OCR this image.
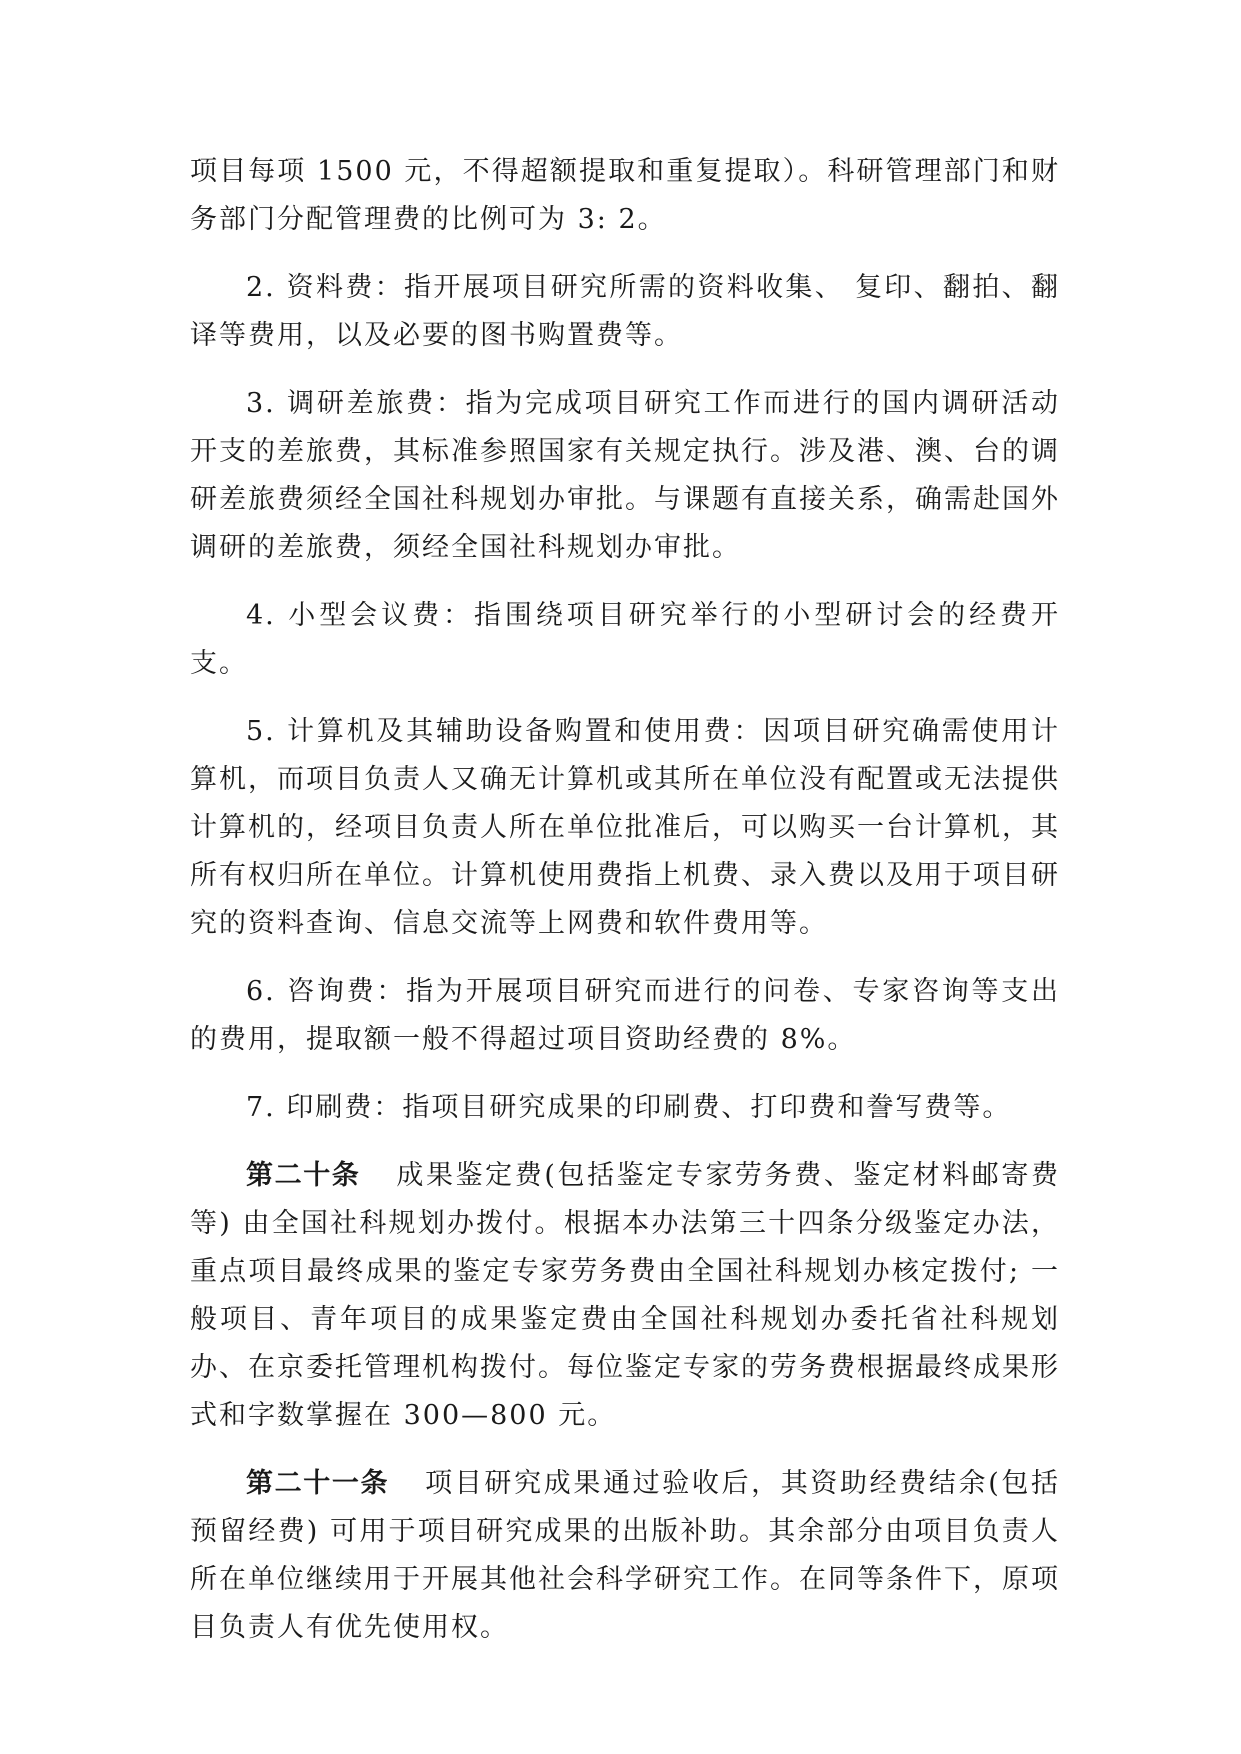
项目每项 1500 元，不得超额提取和重复提取）。科研管理部门和财务部门分配管理费的比例可为 3: 2。

2. 资料费：指开展项目研究所需的资料收集、 复印、翻拍、翻译等费用，以及必要的图书购置费等。

3. 调研差旅费：指为完成项目研究工作而进行的国内调研活动开支的差旅费，其标准参照国家有关规定执行。涉及港、澳、台的调研差旅费须经全国社科规划办审批。与课题有直接关系，确需赴国外调研的差旅费，须经全国社科规划办审批。

4. 小型会议费：指围绕项目研究举行的小型研讨会的经费开支。

5. 计算机及其辅助设备购置和使用费：因项目研究确需使用计算机，而项目负责人又确无计算机或其所在单位没有配置或无法提供计算机的，经项目负责人所在单位批准后，可以购买一台计算机，其所有权归所在单位。计算机使用费指上机费、录入费以及用于项目研究的资料查询、信息交流等上网费和软件费用等。

6. 咨询费：指为开展项目研究而进行的问卷、专家咨询等支出的费用，提取额一般不得超过项目资助经费的 8%。

7. 印刷费：指项目研究成果的印刷费、打印费和誊写费等。

第二十条 成果鉴定费(包括鉴定专家劳务费、鉴定材料邮寄费等) 由全国社科规划办拨付。根据本办法第三十四条分级鉴定办法，重点项目最终成果的鉴定专家劳务费由全国社科规划办核定拨付; 一般项目、青年项目的成果鉴定费由全国社科规划办委托省社科规划办、在京委托管理机构拨付。每位鉴定专家的劳务费根据最终成果形式和字数掌握在 300—800 元。

第二十一条 项目研究成果通过验收后，其资助经费结余(包括预留经费) 可用于项目研究成果的出版补助。其余部分由项目负责人所在单位继续用于开展其他社会科学研究工作。在同等条件下，原项目负责人有优先使用权。
